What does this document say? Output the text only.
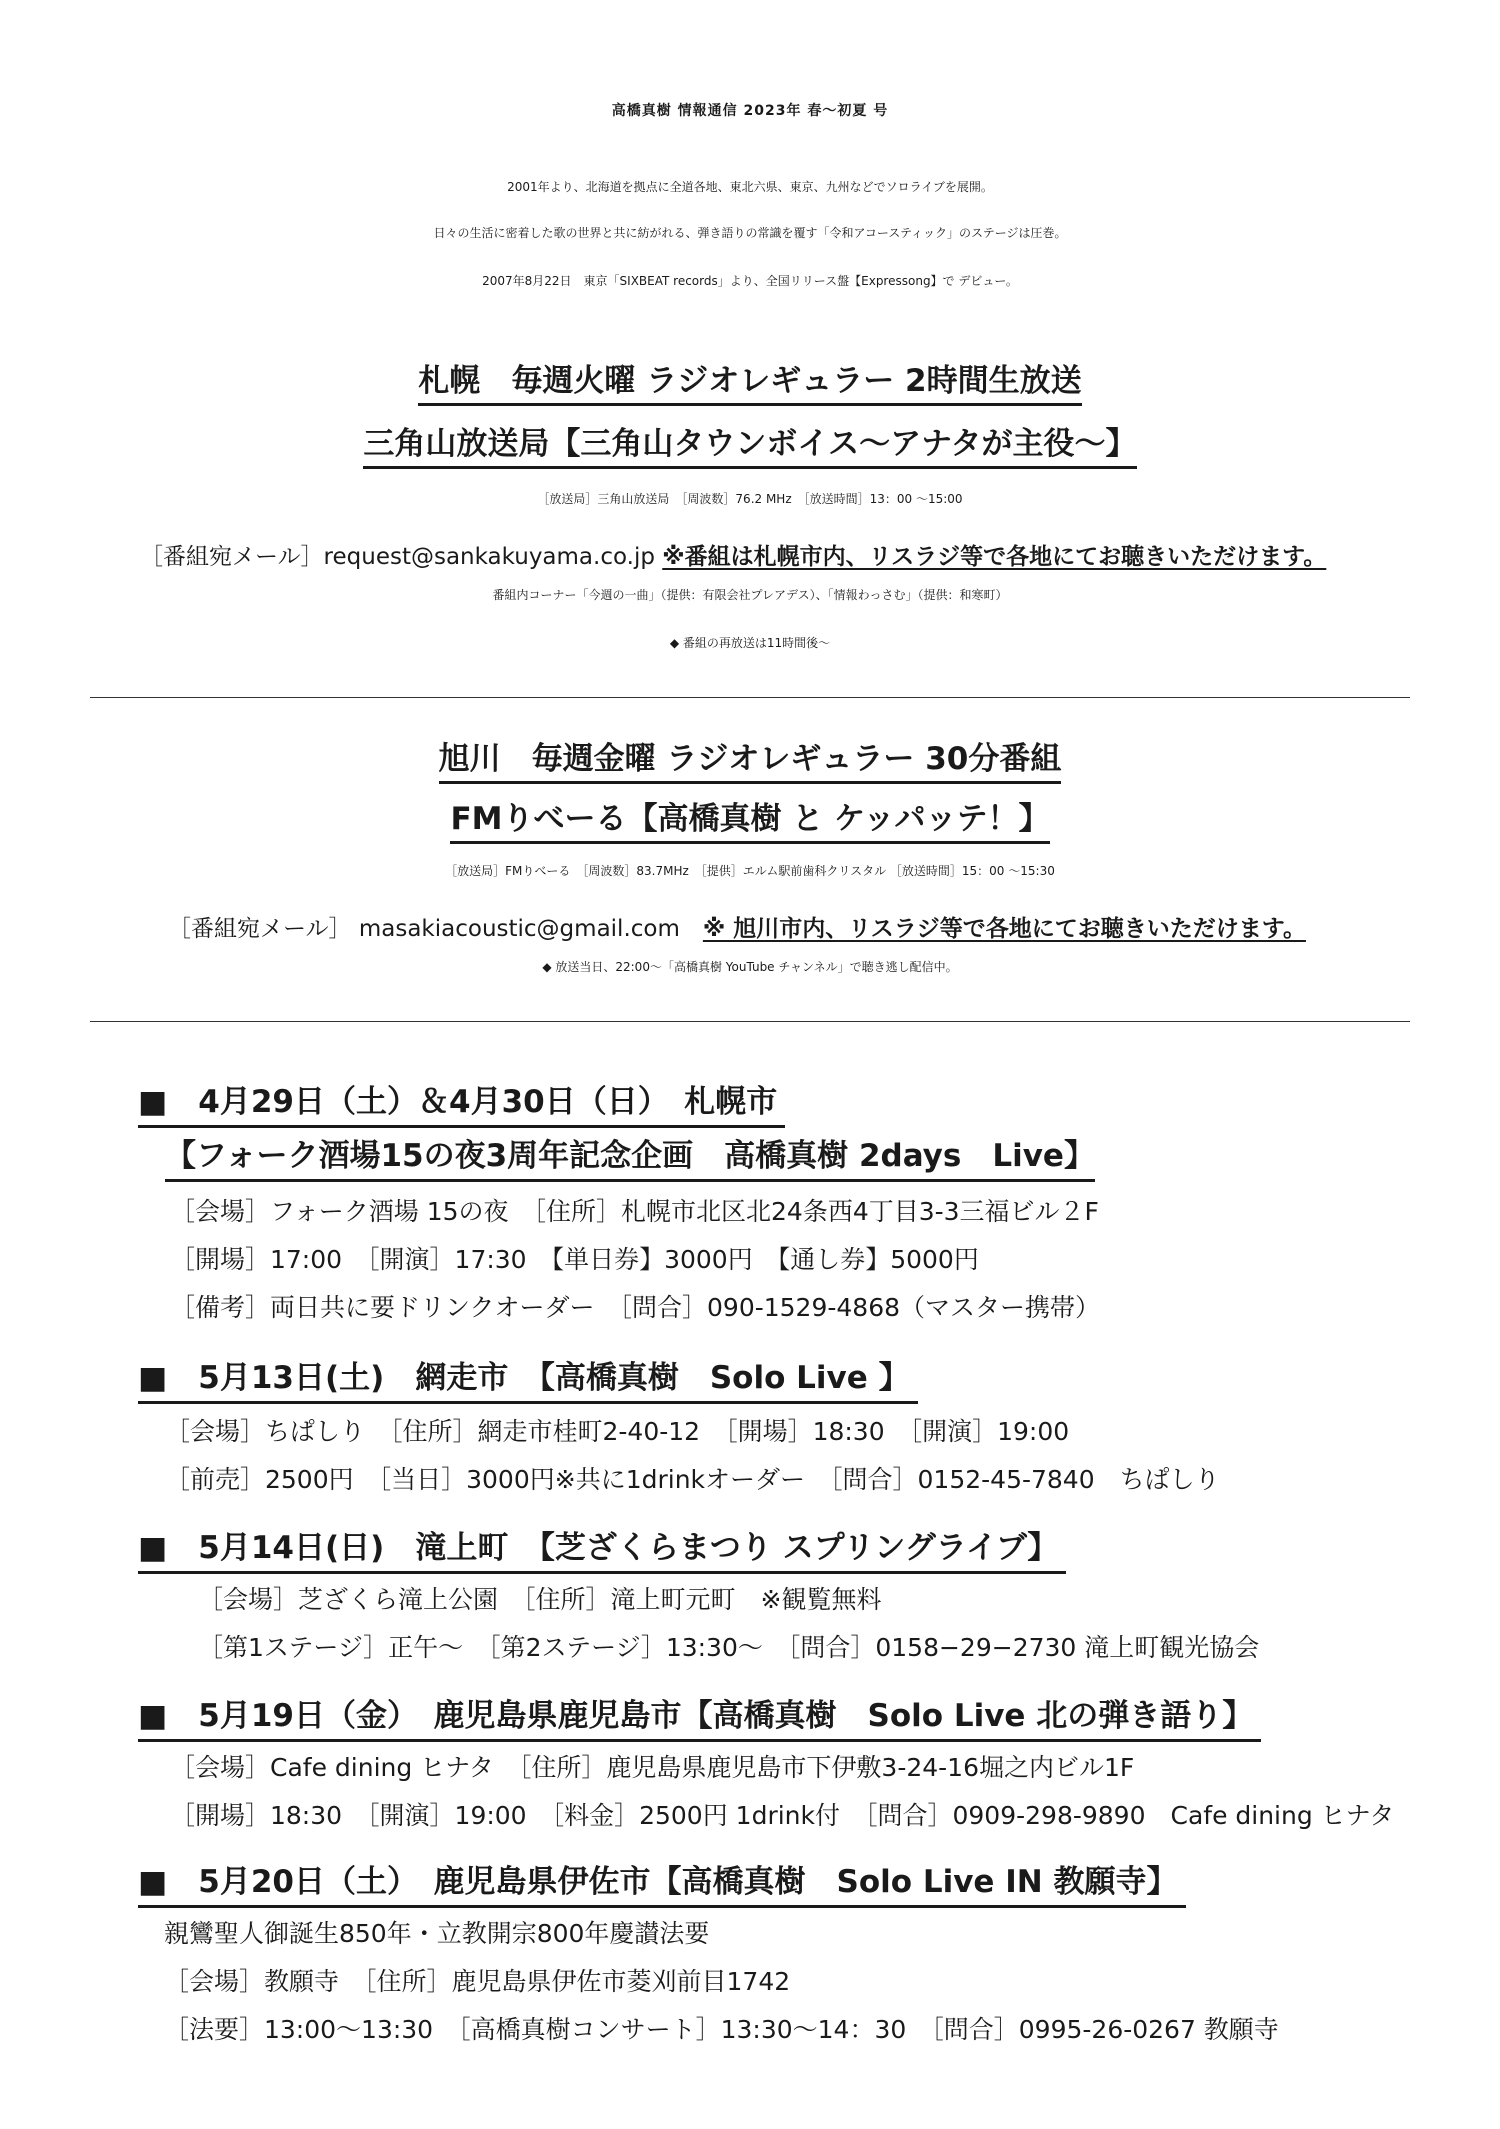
高橋真樹 情報通信 2023年 春〜初夏 号
2001年より、北海道を拠点に全道各地、東北六県、東京、九州などでソロライブを展開。
日々の生活に密着した歌の世界と共に紡がれる、弾き語りの常識を覆す「令和アコースティック」のステージは圧巻。
2007年8月22日　東京「SIXBEAT records」より、全国リリース盤【Expressong】で デビュー。
札幌　毎週火曜 ラジオレギュラー 2時間生放送
三角山放送局【三角山タウンボイス〜アナタが主役〜】
［放送局］三角山放送局　［周波数］76.2 MHz　［放送時間］13：00 〜15:00
［番組宛メール］request@sankakuyama.co.jp ※番組は札幌市内、リスラジ等で各地にてお聴きいただけます。
番組内コーナー「今週の一曲」（提供：有限会社プレアデス）、「情報わっさむ」（提供：和寒町）
◆ 番組の再放送は11時間後〜
旭川　毎週金曜 ラジオレギュラー 30分番組
FMりべーる【高橋真樹 と ケッパッテ！】
［放送局］FMりべーる　［周波数］83.7MHz　［提供］エルム駅前歯科クリスタル ［放送時間］15：00 〜15:30
［番組宛メール］ masakiacoustic@gmail.com　※ 旭川市内、リスラジ等で各地にてお聴きいただけます。
◆ 放送当日、22:00〜「高橋真樹 YouTube チャンネル」で聴き逃し配信中。
■　4月29日（土）＆4月30日（日）　札幌市
【フォーク酒場15の夜3周年記念企画　高橋真樹 2days　Live】
［会場］フォーク酒場 15の夜　［住所］札幌市北区北24条西4丁目3-3三福ビル２F
［開場］17:00　［開演］17:30　【単日券】3000円　【通し券】5000円
［備考］両日共に要ドリンクオーダー　［問合］090-1529-4868（マスター携帯）
■　5月13日(土)　網走市　【高橋真樹　Solo Live 】
［会場］ちぱしり　［住所］網走市桂町2-40-12　［開場］18:30　［開演］19:00
［前売］2500円　［当日］3000円※共に1drinkオーダー　［問合］0152-45-7840　ちぱしり
■　5月14日(日)　滝上町　【芝ざくらまつり スプリングライブ】
［会場］芝ざくら滝上公園　［住所］滝上町元町　※観覧無料
［第1ステージ］正午〜　［第2ステージ］13:30〜　［問合］0158−29−2730 滝上町観光協会
■　5月19日（金）　鹿児島県鹿児島市【高橋真樹　Solo Live 北の弾き語り】
［会場］Cafe dining ヒナタ　［住所］鹿児島県鹿児島市下伊敷3-24-16堀之内ビル1F
［開場］18:30　［開演］19:00　［料金］2500円 1drink付　［問合］0909-298-9890　Cafe dining ヒナタ
■　5月20日（土）　鹿児島県伊佐市【高橋真樹　Solo Live IN 教願寺】
親鸞聖人御誕生850年・立教開宗800年慶讃法要
［会場］教願寺　［住所］鹿児島県伊佐市菱刈前目1742
［法要］13:00〜13:30　［高橋真樹コンサート］13:30〜14：30　［問合］0995-26-0267 教願寺
